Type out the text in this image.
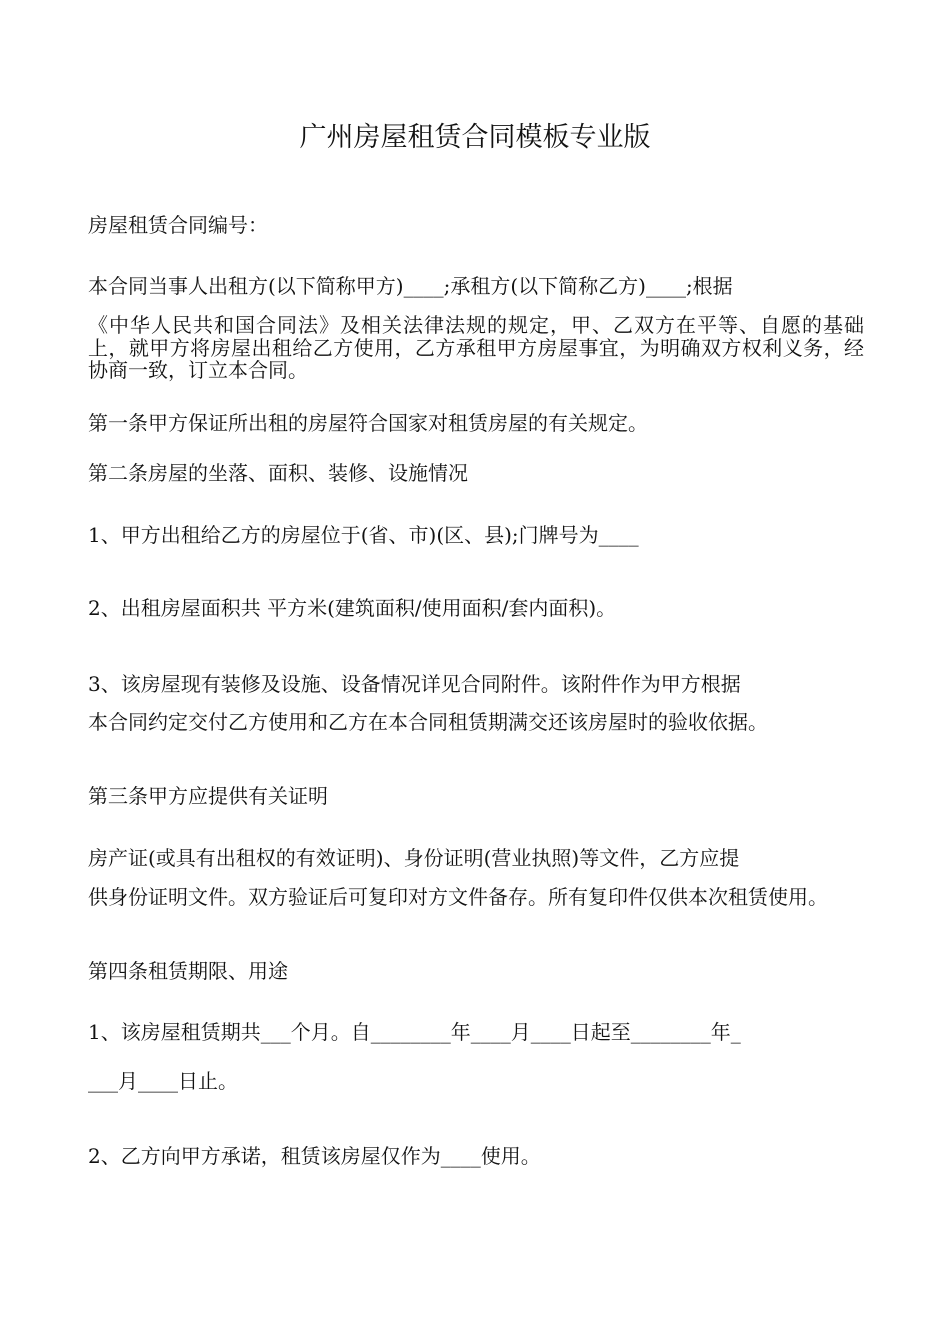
广州房屋租赁合同模板专业版
房屋租赁合同编号：
本合同当事人出租方(以下简称甲方)____;承租方(以下简称乙方)____;根据
《中华人民共和国合同法》及相关法律法规的规定，甲、乙双方在平等、自愿的基础上，就甲方将房屋出租给乙方使用，乙方承租甲方房屋事宜，为明确双方权利义务，经协商一致，订立本合同。
第一条甲方保证所出租的房屋符合国家对租赁房屋的有关规定。
第二条房屋的坐落、面积、装修、设施情况
1、甲方出租给乙方的房屋位于(省、市)(区、县);门牌号为____
2、出租房屋面积共 平方米(建筑面积/使用面积/套内面积)。
3、该房屋现有装修及设施、设备情况详见合同附件。该附件作为甲方根据
本合同约定交付乙方使用和乙方在本合同租赁期满交还该房屋时的验收依据。
第三条甲方应提供有关证明
房产证(或具有出租权的有效证明)、身份证明(营业执照)等文件，乙方应提
供身份证明文件。双方验证后可复印对方文件备存。所有复印件仅供本次租赁使用。
第四条租赁期限、用途
1、该房屋租赁期共___个月。自________年____月____日起至________年_
___月____日止。
2、乙方向甲方承诺，租赁该房屋仅作为____使用。
